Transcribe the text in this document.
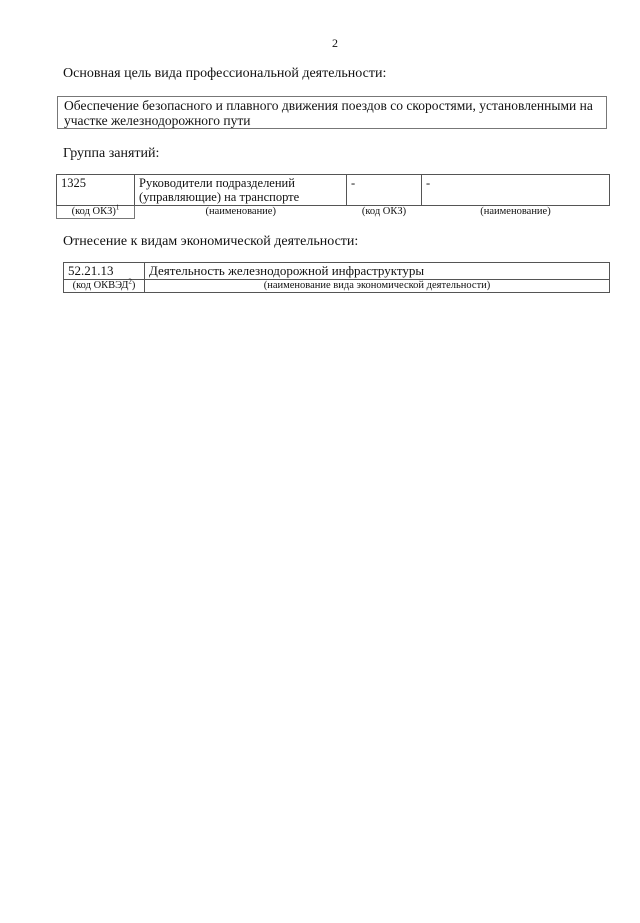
2
Основная цель вида профессиональной деятельности:
Обеспечение безопасного и плавного движения поездов со скоростями, установленными на участке железнодорожного пути
Группа занятий:
1325	Руководители подразделений (управляющие) на транспорте	-	-
(код ОКЗ)$^1$	(наименование)	(код ОКЗ)	(наименование)
Отнесение к видам экономической деятельности:
52.21.13	Деятельность железнодорожной инфраструктуры
(код ОКВЭД$^2$)	(наименование вида экономической деятельности)
